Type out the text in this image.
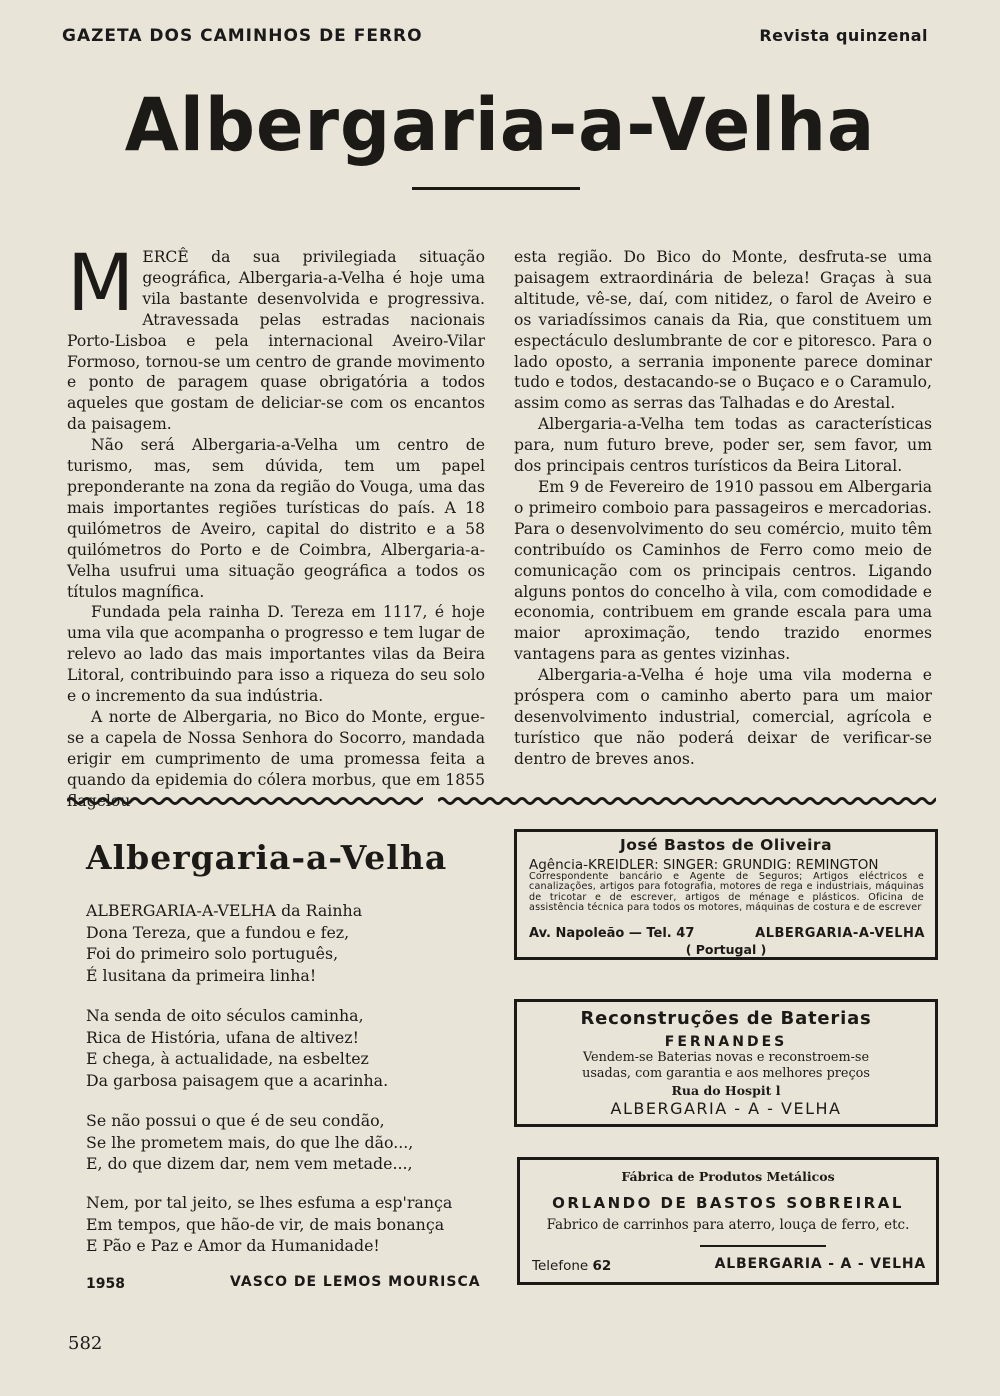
GAZETA DOS CAMINHOS DE FERRO	Revista quinzenal
Albergaria-a-Velha
M ERCÊ da sua privilegiada situação geográfica, Albergaria-a-Velha é hoje uma vila bastante desenvolvida e progressiva. Atravessada pelas estradas nacionais Porto-Lisboa e pela internacional Aveiro-Vilar Formoso, tornou-se um centro de grande movimento e ponto de paragem quase obrigatória a todos aqueles que gostam de deliciar-se com os encantos da paisagem.

Não será Albergaria-a-Velha um centro de turismo, mas, sem dúvida, tem um papel preponderante na zona da região do Vouga, uma das mais importantes regiões turísticas do país. A 18 quilómetros de Aveiro, capital do distrito e a 58 quilómetros do Porto e de Coimbra, Albergaria-a-Velha usufrui uma situação geográfica a todos os títulos magnífica.

Fundada pela rainha D. Tereza em 1117, é hoje uma vila que acompanha o progresso e tem lugar de relevo ao lado das mais importantes vilas da Beira Litoral, contribuindo para isso a riqueza do seu solo e o incremento da sua indústria.

A norte de Albergaria, no Bico do Monte, ergue-se a capela de Nossa Senhora do Socorro, mandada erigir em cumprimento de uma promessa feita a quando da epidemia do cólera morbus, que em 1855 flagelou

esta região. Do Bico do Monte, desfruta-se uma paisagem extraordinária de beleza! Graças à sua altitude, vê-se, daí, com nitidez, o farol de Aveiro e os variadíssimos canais da Ria, que constituem um espectáculo deslumbrante de cor e pitoresco. Para o lado oposto, a serrania imponente parece dominar tudo e todos, destacando-se o Buçaco e o Caramulo, assim como as serras das Talhadas e do Arestal.

Albergaria-a-Velha tem todas as características para, num futuro breve, poder ser, sem favor, um dos principais centros turísticos da Beira Litoral.

Em 9 de Fevereiro de 1910 passou em Albergaria o primeiro comboio para passageiros e mercadorias. Para o desenvolvimento do seu comércio, muito têm contribuído os Caminhos de Ferro como meio de comunicação com os principais centros. Ligando alguns pontos do concelho à vila, com comodidade e economia, contribuem em grande escala para uma maior aproximação, tendo trazido enormes vantagens para as gentes vizinhas.

Albergaria-a-Velha é hoje uma vila moderna e próspera com o caminho aberto para um maior desenvolvimento industrial, comercial, agrícola e turístico que não poderá deixar de verificar-se dentro de breves anos.

Albergaria-a-Velha
ALBERGARIA-A-VELHA da Rainha
Dona Tereza, que a fundou e fez,
Foi do primeiro solo português,
É lusitana da primeira linha!
Na senda de oito séculos caminha,
Rica de História, ufana de altivez!
E chega, à actualidade, na esbeltez
Da garbosa paisagem que a acarinha.
Se não possui o que é de seu condão,
Se lhe prometem mais, do que lhe dão...,
E, do que dizem dar, nem vem metade...,
Nem, por tal jeito, se lhes esfuma a esp'rança
Em tempos, que hão-de vir, de mais bonança
E Pão e Paz e Amor da Humanidade!
1958	VASCO DE LEMOS MOURISCA
582
José Bastos de Oliveira
Agência-KREIDLER: SINGER: GRUNDIG: REMINGTON
Correspondente bancário e Agente de Seguros; Artigos eléctricos e canalizações, artigos para fotografia, motores de rega e industriais, máquinas de tricotar e de escrever, artigos de ménage e plásticos. Oficina de assistência técnica para todos os motores, máquinas de costura e de escrever
Av. Napoleão — Tel. 47	ALBERGARIA-A-VELHA
( Portugal )
Reconstruções de Baterias
FERNANDES
Vendem-se Baterias novas e reconstroem-se
usadas, com garantia e aos melhores preços
Rua do Hospit l
ALBERGARIA - A - VELHA
Fábrica de Produtos Metálicos
ORLANDO DE BASTOS SOBREIRAL
Fabrico de carrinhos para aterro, louça de ferro, etc.
Telefone 62	ALBERGARIA - A - VELHA
